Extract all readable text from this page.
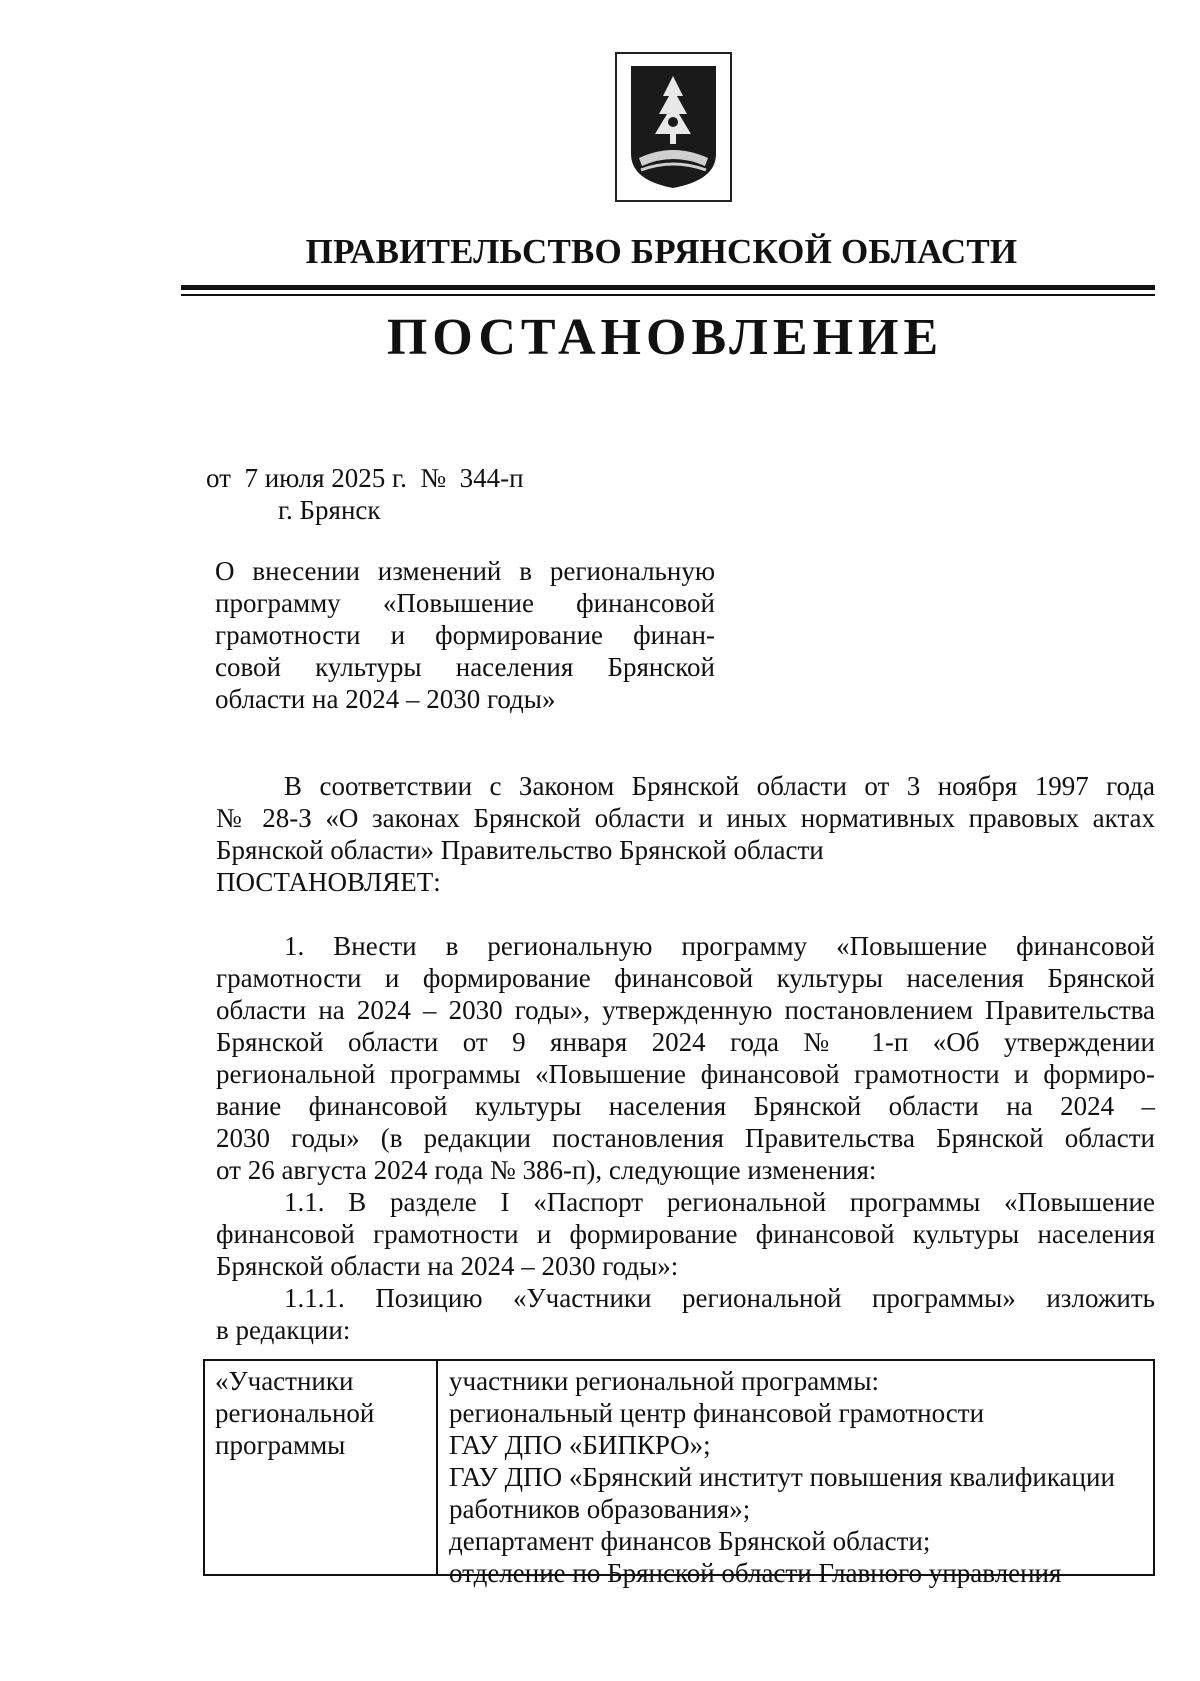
ПРАВИТЕЛЬСТВО БРЯНСКОЙ ОБЛАСТИ
ПОСТАНОВЛЕНИЕ
от  7 июля 2025 г.  №  344-п
г. Брянск
О внесении изменений в региональную
программу «Повышение финансовой
грамотности и формирование финан-
совой культуры населения Брянской
области на 2024 – 2030 годы»
В соответствии с Законом Брянской области от 3 ноября 1997 года
№ 28-З «О законах Брянской области и иных нормативных правовых актах
Брянской области» Правительство Брянской области
ПОСТАНОВЛЯЕТ:
1. Внести в региональную программу «Повышение финансовой
грамотности и формирование финансовой культуры населения Брянской
области на 2024 – 2030 годы», утвержденную постановлением Правительства
Брянской области от 9 января 2024 года № 1-п «Об утверждении
региональной программы «Повышение финансовой грамотности и формиро-
вание финансовой культуры населения Брянской области на 2024 –
2030 годы» (в редакции постановления Правительства Брянской области
от 26 августа 2024 года № 386-п), следующие изменения:
1.1. В разделе I «Паспорт региональной программы «Повышение
финансовой грамотности и формирование финансовой культуры населения
Брянской области на 2024 – 2030 годы»:
1.1.1. Позицию «Участники региональной программы» изложить
в редакции:
«Участники
региональной
программы
участники региональной программы:
региональный центр финансовой грамотности
ГАУ ДПО «БИПКРО»;
ГАУ ДПО «Брянский институт повышения квалификации
работников образования»;
департамент финансов Брянской области;
отделение по Брянской области Главного управления
